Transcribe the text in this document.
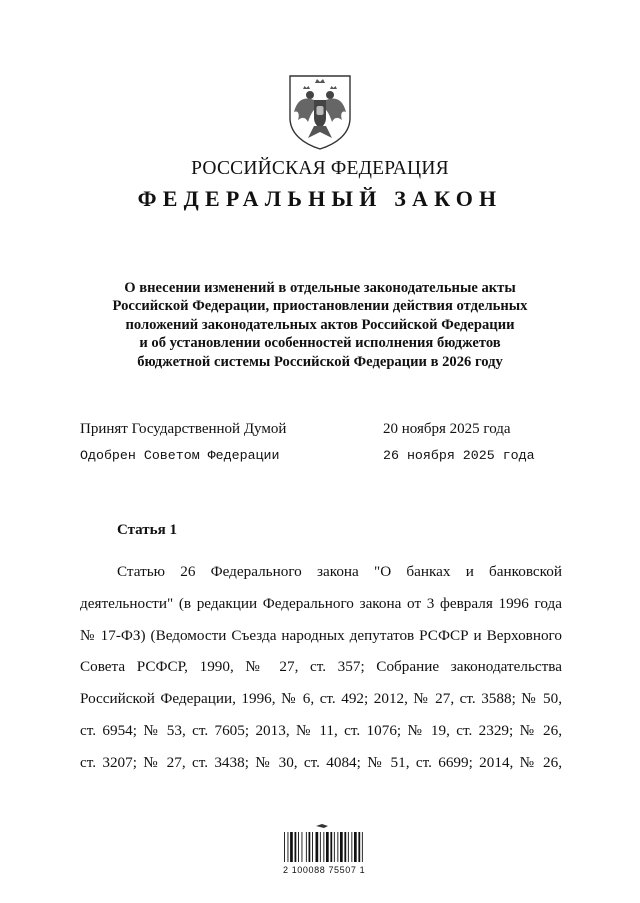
РОССИЙСКАЯ ФЕДЕРАЦИЯ
ФЕДЕРАЛЬНЫЙ ЗАКОН
О внесении изменений в отдельные законодательные акты
Российской Федерации, приостановлении действия отдельных
положений законодательных актов Российской Федерации
и об установлении особенностей исполнения бюджетов
бюджетной системы Российской Федерации в 2026 году
Принят Государственной Думой	20 ноября 2025 года
Одобрен Советом Федерации	26 ноября 2025 года
Статья 1
Статью 26 Федерального закона "О банках и банковской
деятельности" (в редакции Федерального закона от 3 февраля 1996 года
№ 17-ФЗ) (Ведомости Съезда народных депутатов РСФСР и Верховного
Совета РСФСР, 1990, № 27, ст. 357; Собрание законодательства
Российской Федерации, 1996, № 6, ст. 492; 2012, № 27, ст. 3588; № 50,
ст. 6954; № 53, ст. 7605; 2013, № 11, ст. 1076; № 19, ст. 2329; № 26,
ст. 3207; № 27, ст. 3438; № 30, ст. 4084; № 51, ст. 6699; 2014, № 26,
2 100088 75507 1
